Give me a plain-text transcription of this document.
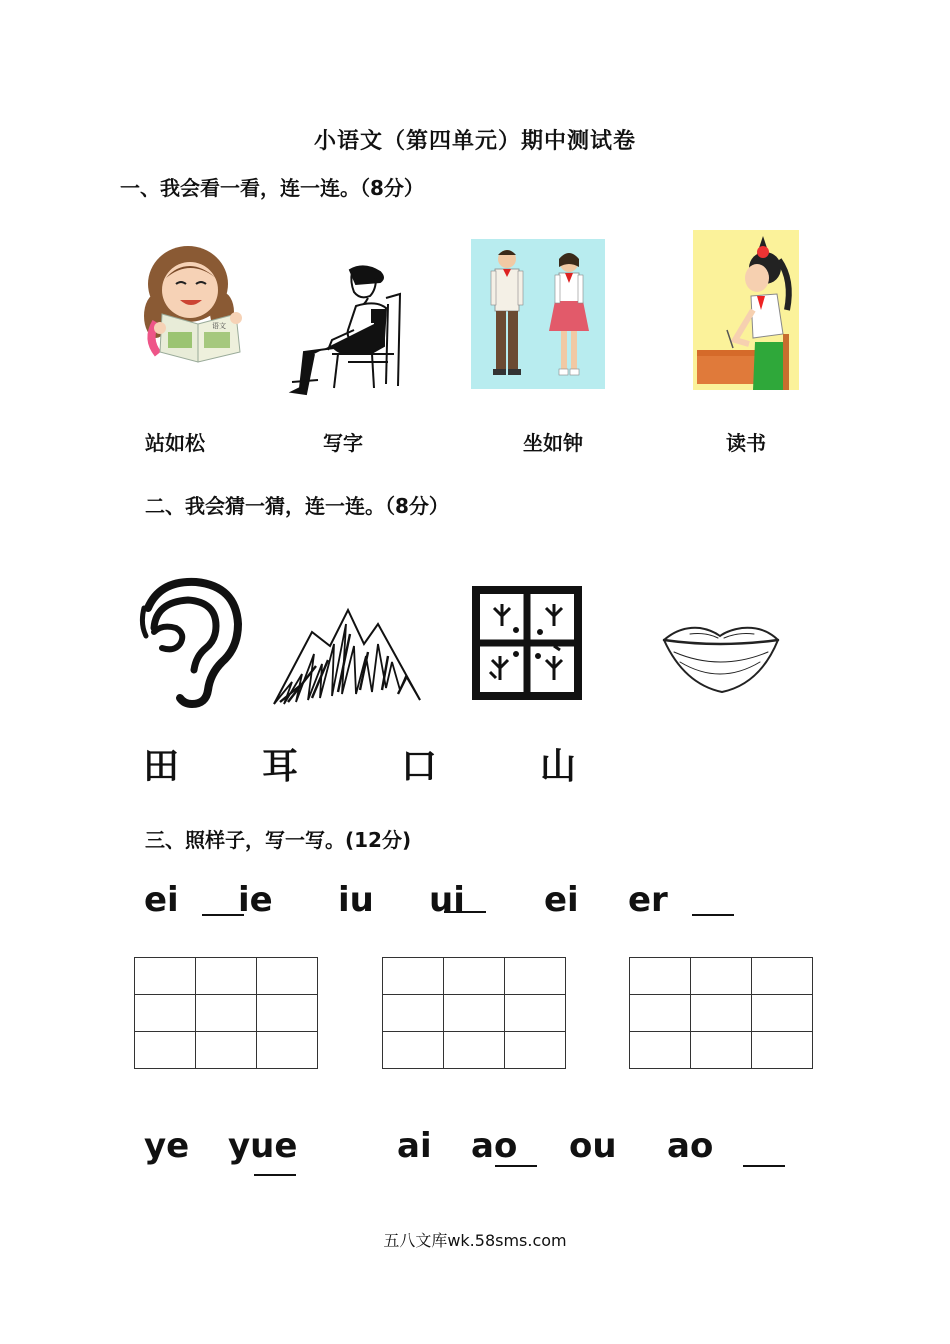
小语文（第四单元）期中测试卷
一、我会看一看，连一连。（8分）
语文
站如松	写字	坐如钟	读书
二、我会猜一猜，连一连。（8分）
田 耳	口	山
三、照样子，写一写。(12分)
ei ie iu ui ei er

ye yue	ai ao ou ao
五八文库wk.58sms.com
